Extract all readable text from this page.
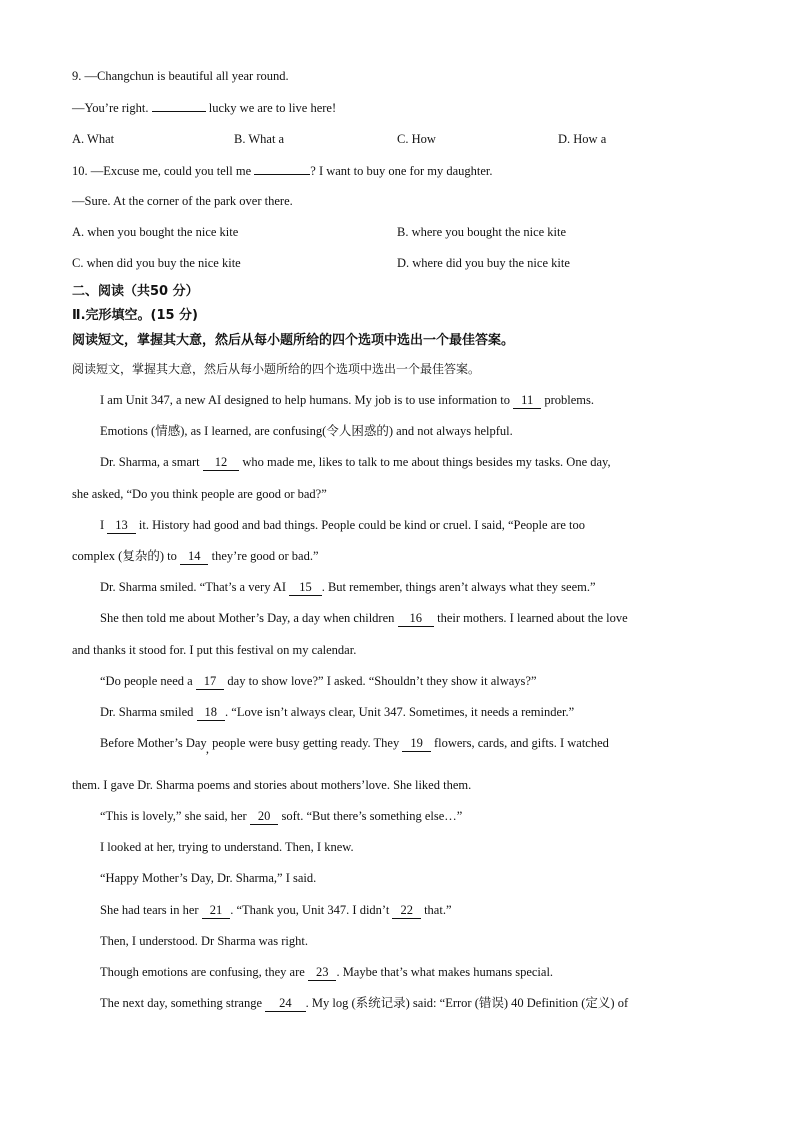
9. —Changchun is beautiful all year round.
—You’re right.	lucky we are to live here!
A. What	B. What a	C. How	D. How a
10. —Excuse me, could you tell me	? I want to buy one for my daughter.
—Sure. At the corner of the park over there.
A. when you bought the nice kite	B. where you bought the nice kite
C. when did you buy the nice kite	D. where did you buy the nice kite
二、阅读（共50 分）
Ⅱ.完形填空。(15 分)
阅读短文，掌握其大意，然后从每小题所给的四个选项中选出一个最佳答案。
阅读短文，掌握其大意，然后从每小题所给的四个选项中选出一个最佳答案。
I am Unit 347, a new AI designed to help humans. My job is to use information to 11 problems.
Emotions (情感), as I learned, are confusing(令人困惑的) and not always helpful.
Dr. Sharma, a smart 12 who made me, likes to talk to me about things besides my tasks. One day,
she asked, “Do you think people are good or bad?”
I 13 it. History had good and bad things. People could be kind or cruel. I said, “People are too
complex (复杂的) to 14 they’re good or bad.”
Dr. Sharma smiled. “That’s a very AI 15 . But remember, things aren’t always what they seem.”
She then told me about Mother’s Day, a day when children 16 their mothers. I learned about the love
and thanks it stood for. I put this festival on my calendar.
“Do people need a 17 day to show love?” I asked. “Shouldn’t they show it always?”
Dr. Sharma smiled 18 . “Love isn’t always clear, Unit 347. Sometimes, it needs a reminder.”
Before Mother’s Day, people were busy getting ready. They 19 flowers, cards, and gifts. I watched
them. I gave Dr. Sharma poems and stories about mothers’love. She liked them.
“This is lovely,” she said, her 20 soft. “But there’s something else…”
I looked at her, trying to understand. Then, I knew.
“Happy Mother’s Day, Dr. Sharma,” I said.
She had tears in her 21 . “Thank you, Unit 347. I didn’t 22 that.”
Then, I understood. Dr Sharma was right.
Though emotions are confusing, they are 23 . Maybe that’s what makes humans special.
The next day, something strange 24 . My log (系统记录) said: “Error (错误) 40 Definition (定义) of
